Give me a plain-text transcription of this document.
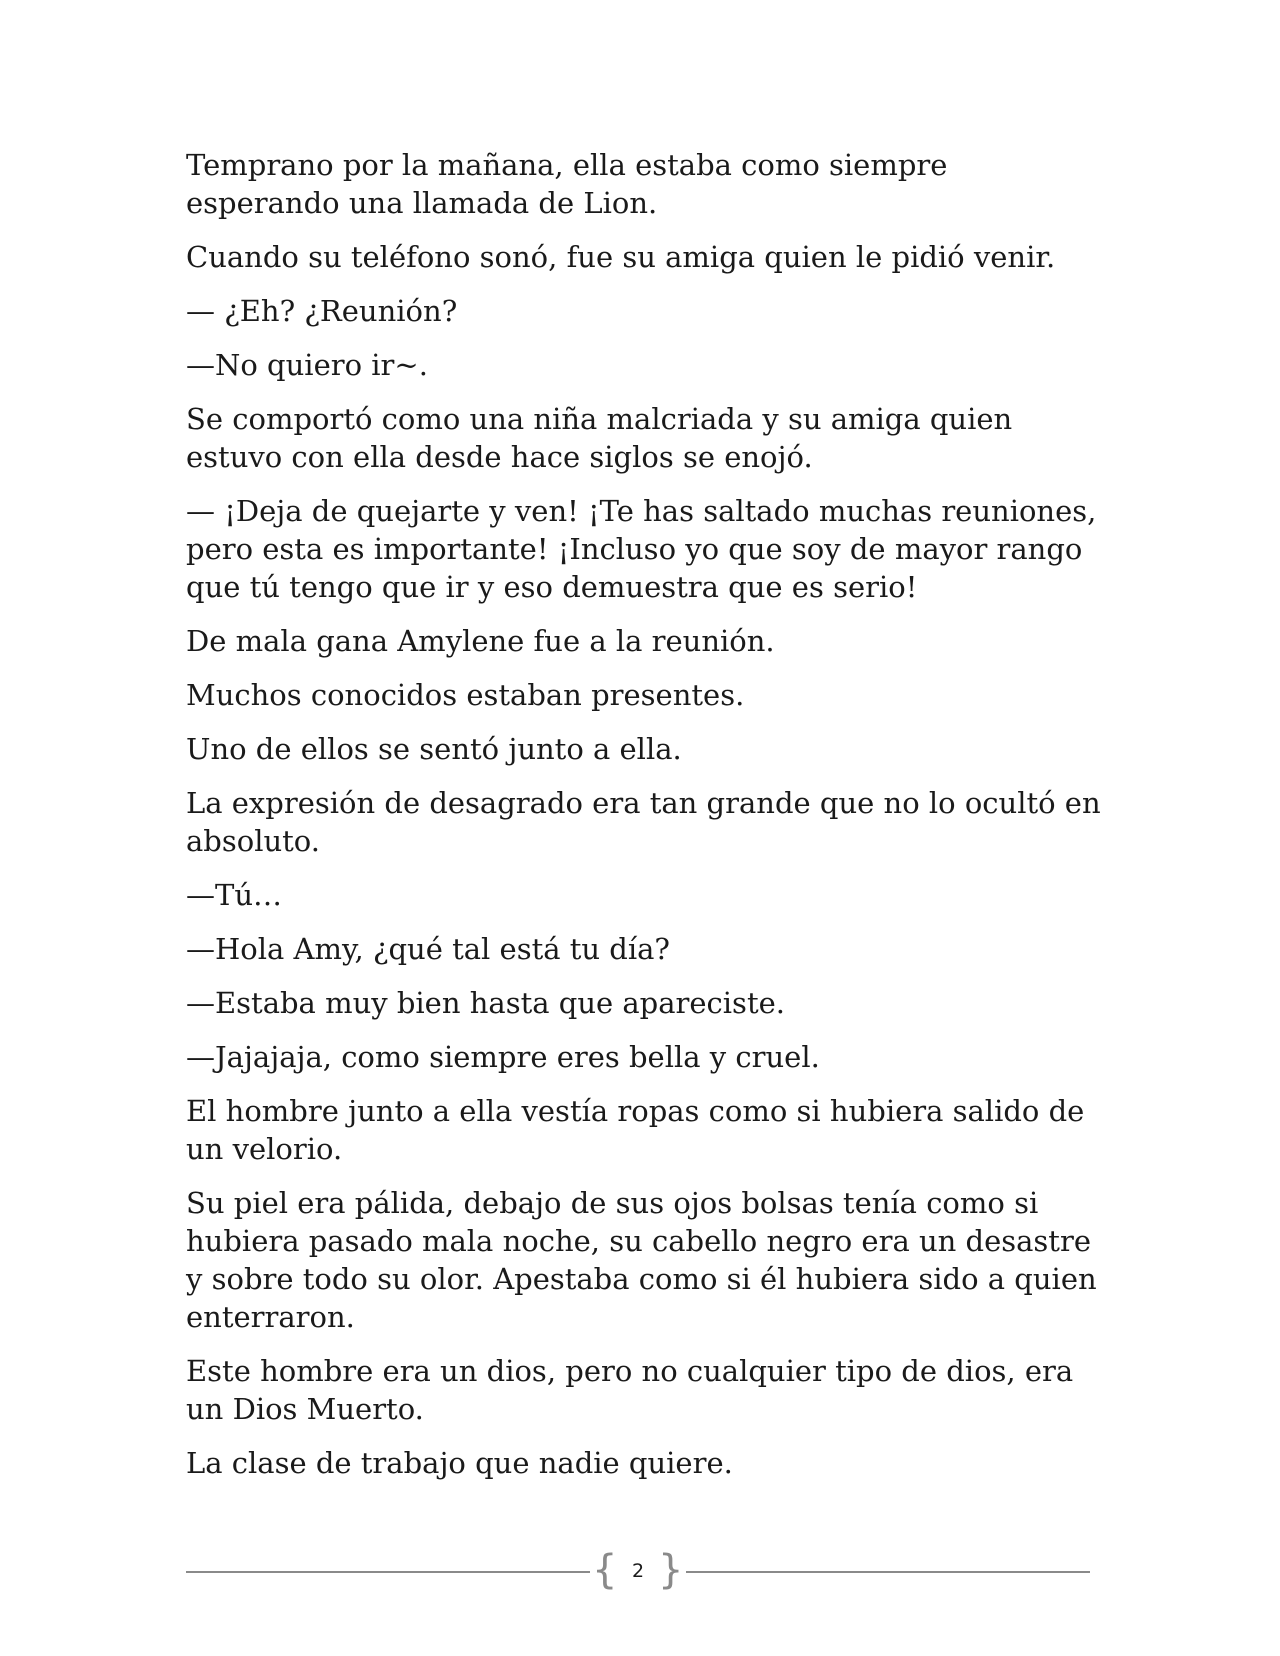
Temprano por la mañana, ella estaba como siempre esperando una llamada de Lion.

Cuando su teléfono sonó, fue su amiga quien le pidió venir.

— ¿Eh? ¿Reunión?

—No quiero ir~.

Se comportó como una niña malcriada y su amiga quien estuvo con ella desde hace siglos se enojó.

— ¡Deja de quejarte y ven! ¡Te has saltado muchas reuniones, pero esta es importante! ¡Incluso yo que soy de mayor rango que tú tengo que ir y eso demuestra que es serio!

De mala gana Amylene fue a la reunión.

Muchos conocidos estaban presentes.

Uno de ellos se sentó junto a ella.

La expresión de desagrado era tan grande que no lo ocultó en absoluto.

—Tú…

—Hola Amy, ¿qué tal está tu día?

—Estaba muy bien hasta que apareciste.

—Jajajaja, como siempre eres bella y cruel.

El hombre junto a ella vestía ropas como si hubiera salido de un velorio.

Su piel era pálida, debajo de sus ojos bolsas tenía como si hubiera pasado mala noche, su cabello negro era un desastre y sobre todo su olor. Apestaba como si él hubiera sido a quien enterraron.

Este hombre era un dios, pero no cualquier tipo de dios, era un Dios Muerto.

La clase de trabajo que nadie quiere.

{ 2 }
